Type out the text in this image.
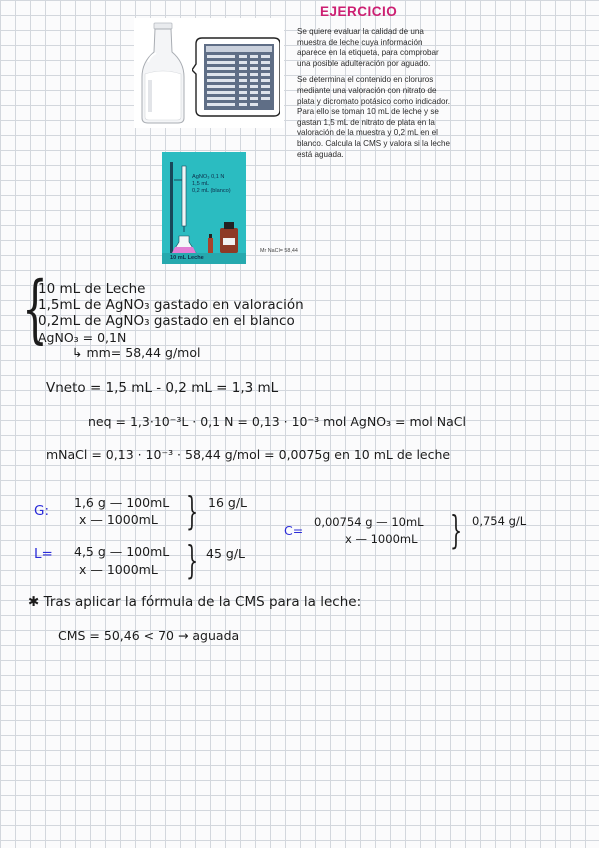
AgNO₃ 0,1 N
1,5 mL
0,2 mL (blanco)
10 mL Leche
EJERCICIO

Se quiere evaluar la calidad de una muestra de leche cuya información aparece en la etiqueta, para comprobar una posible adulteración por aguado.

Se determina el contenido en cloruros mediante una valoración con nitrato de plata y dicromato potásico como indicador. Para ello se toman 10 mL de leche y se gastan 1,5 mL de nitrato de plata en la valoración de la muestra y 0,2 mL en el blanco. Calcula la CMS y valora si la leche está aguada.

Mr NaCl= 58,44
{
10 mL de Leche
1,5mL de AgNO₃ gastado en valoración
0,2mL de AgNO₃ gastado en el blanco
AgNO₃ = 0,1N
↳ mm= 58,44 g/mol
Vneto = 1,5 mL - 0,2 mL = 1,3 mL
neq = 1,3·10⁻³L · 0,1 N = 0,13 · 10⁻³ mol AgNO₃ = mol NaCl
mNaCl = 0,13 · 10⁻³ · 58,44 g/mol = 0,0075g en 10 mL de leche
G:
1,6 g — 100mL
x — 1000mL } 16 g/L
L= 4,5 g — 100mL
x — 1000mL } 45 g/L
C=
0,00754 g — 10mL
x — 1000mL } 0,754 g/L
✱ Tras aplicar la fórmula de la CMS para la leche:
CMS = 50,46 < 70 → aguada
